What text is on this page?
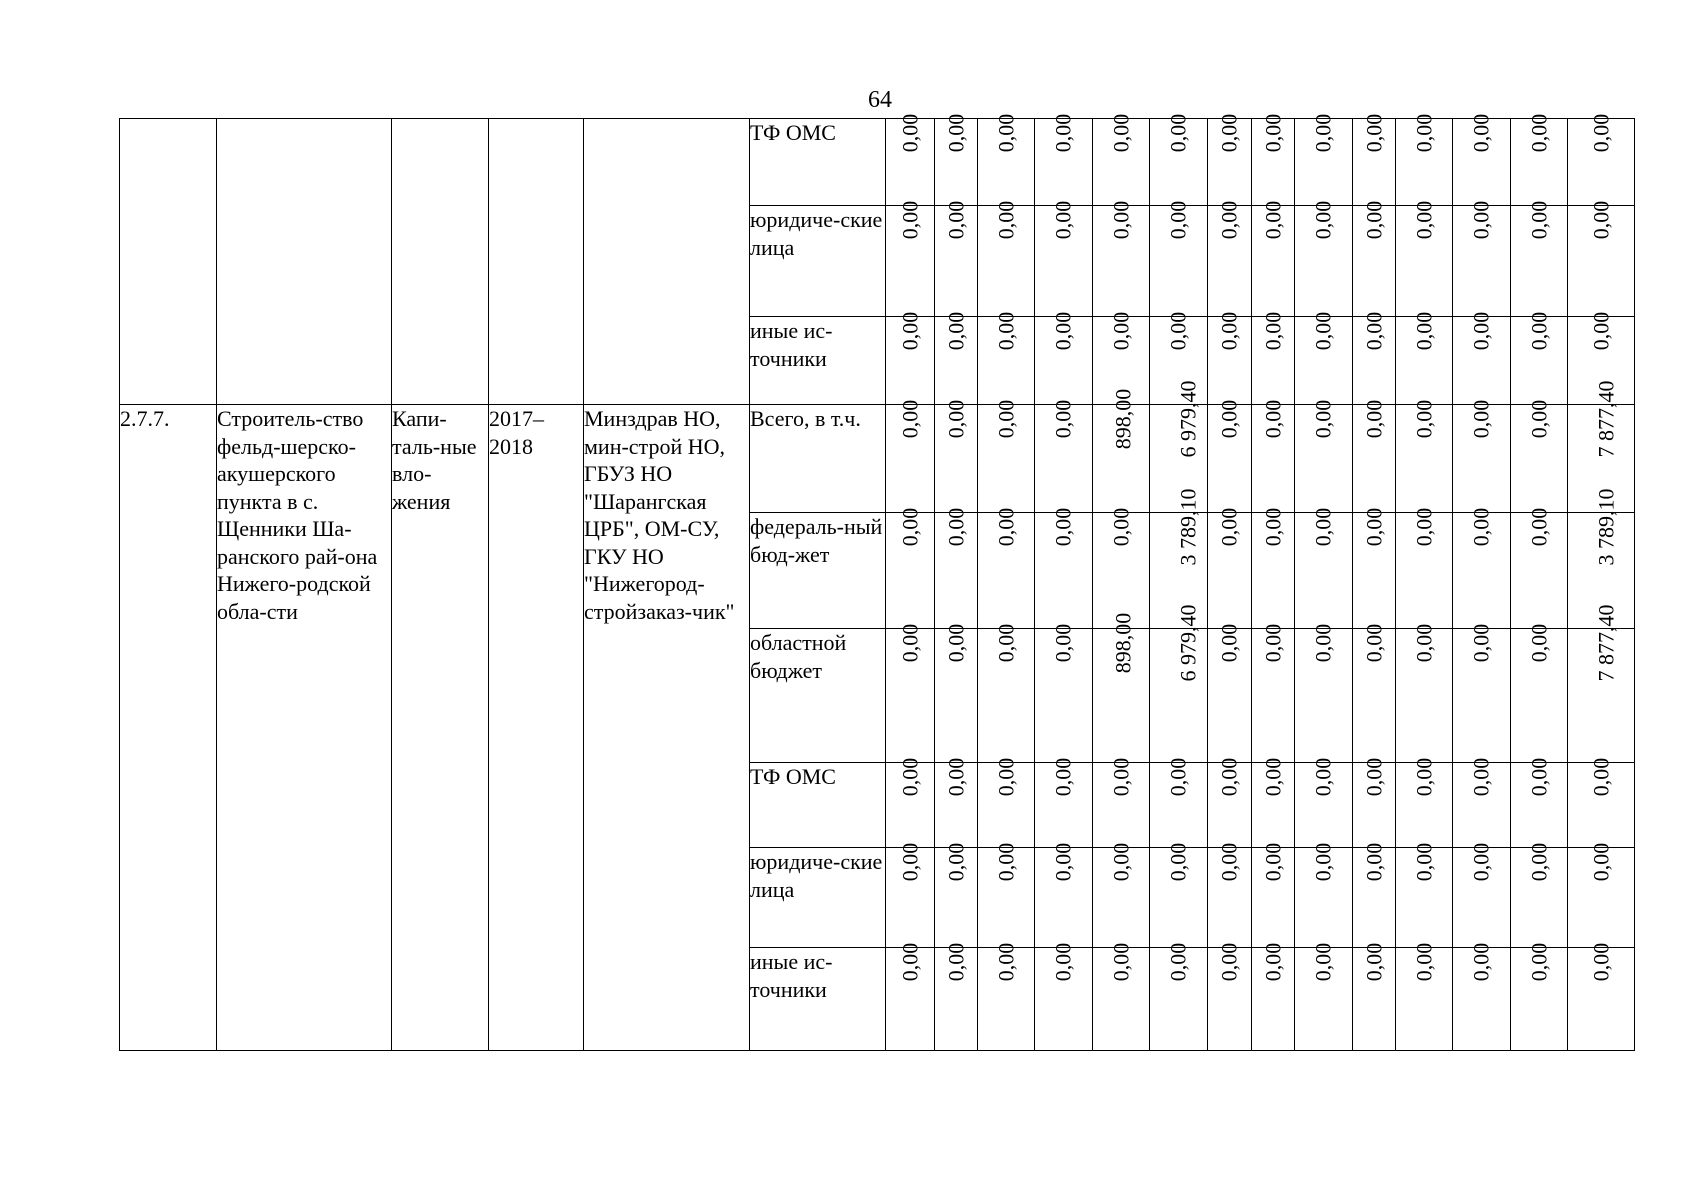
64
					ТФ ОМС	0,00	0,00	0,00	0,00	0,00	0,00	0,00	0,00	0,00	0,00	0,00	0,00	0,00	0,00
					юридиче-ские лица	0,00	0,00	0,00	0,00	0,00	0,00	0,00	0,00	0,00	0,00	0,00	0,00	0,00	0,00
					иные ис-точники	0,00	0,00	0,00	0,00	0,00	0,00	0,00	0,00	0,00	0,00	0,00	0,00	0,00	0,00
2.7.7.	Строитель-ство фельд-шерско-акушерского пункта в с. Щенники Ша-ранского рай-она Нижего-родской обла-сти	Капи-таль-ные вло-жения	2017–2018	Минздрав НО, мин-строй НО, ГБУЗ НО "Шарангская ЦРБ", ОМ-СУ, ГКУ НО "Нижегород-стройзаказ-чик"	Всего, в т.ч.	0,00	0,00	0,00	0,00	898,00	6 979,40	0,00	0,00	0,00	0,00	0,00	0,00	0,00	7 877,40
					федераль-ный бюд-жет	0,00	0,00	0,00	0,00	0,00	3 789,10	0,00	0,00	0,00	0,00	0,00	0,00	0,00	3 789,10
					областной бюджет	0,00	0,00	0,00	0,00	898,00	6 979,40	0,00	0,00	0,00	0,00	0,00	0,00	0,00	7 877,40
					ТФ ОМС	0,00	0,00	0,00	0,00	0,00	0,00	0,00	0,00	0,00	0,00	0,00	0,00	0,00	0,00
					юридиче-ские лица	0,00	0,00	0,00	0,00	0,00	0,00	0,00	0,00	0,00	0,00	0,00	0,00	0,00	0,00
					иные ис-точники	0,00	0,00	0,00	0,00	0,00	0,00	0,00	0,00	0,00	0,00	0,00	0,00	0,00	0,00
